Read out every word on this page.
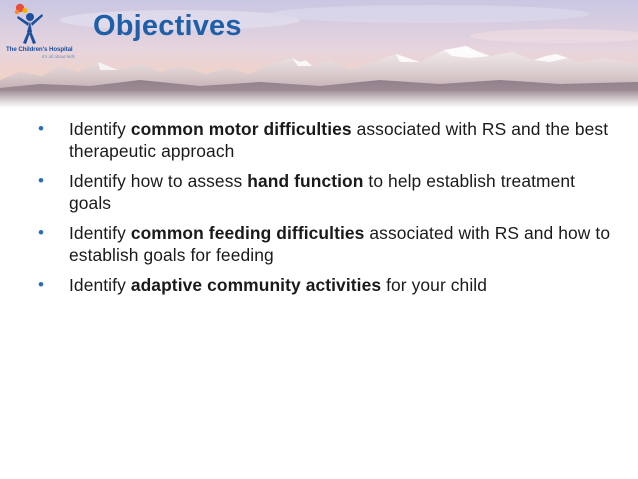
The Children's Hospital
it's all about kids
Objectives
• Identify common motor difficulties associated with RS and the best therapeutic approach
• Identify how to assess hand function to help establish treatment goals
• Identify common feeding difficulties associated with RS and how to establish goals for feeding
• Identify adaptive community activities for your child
